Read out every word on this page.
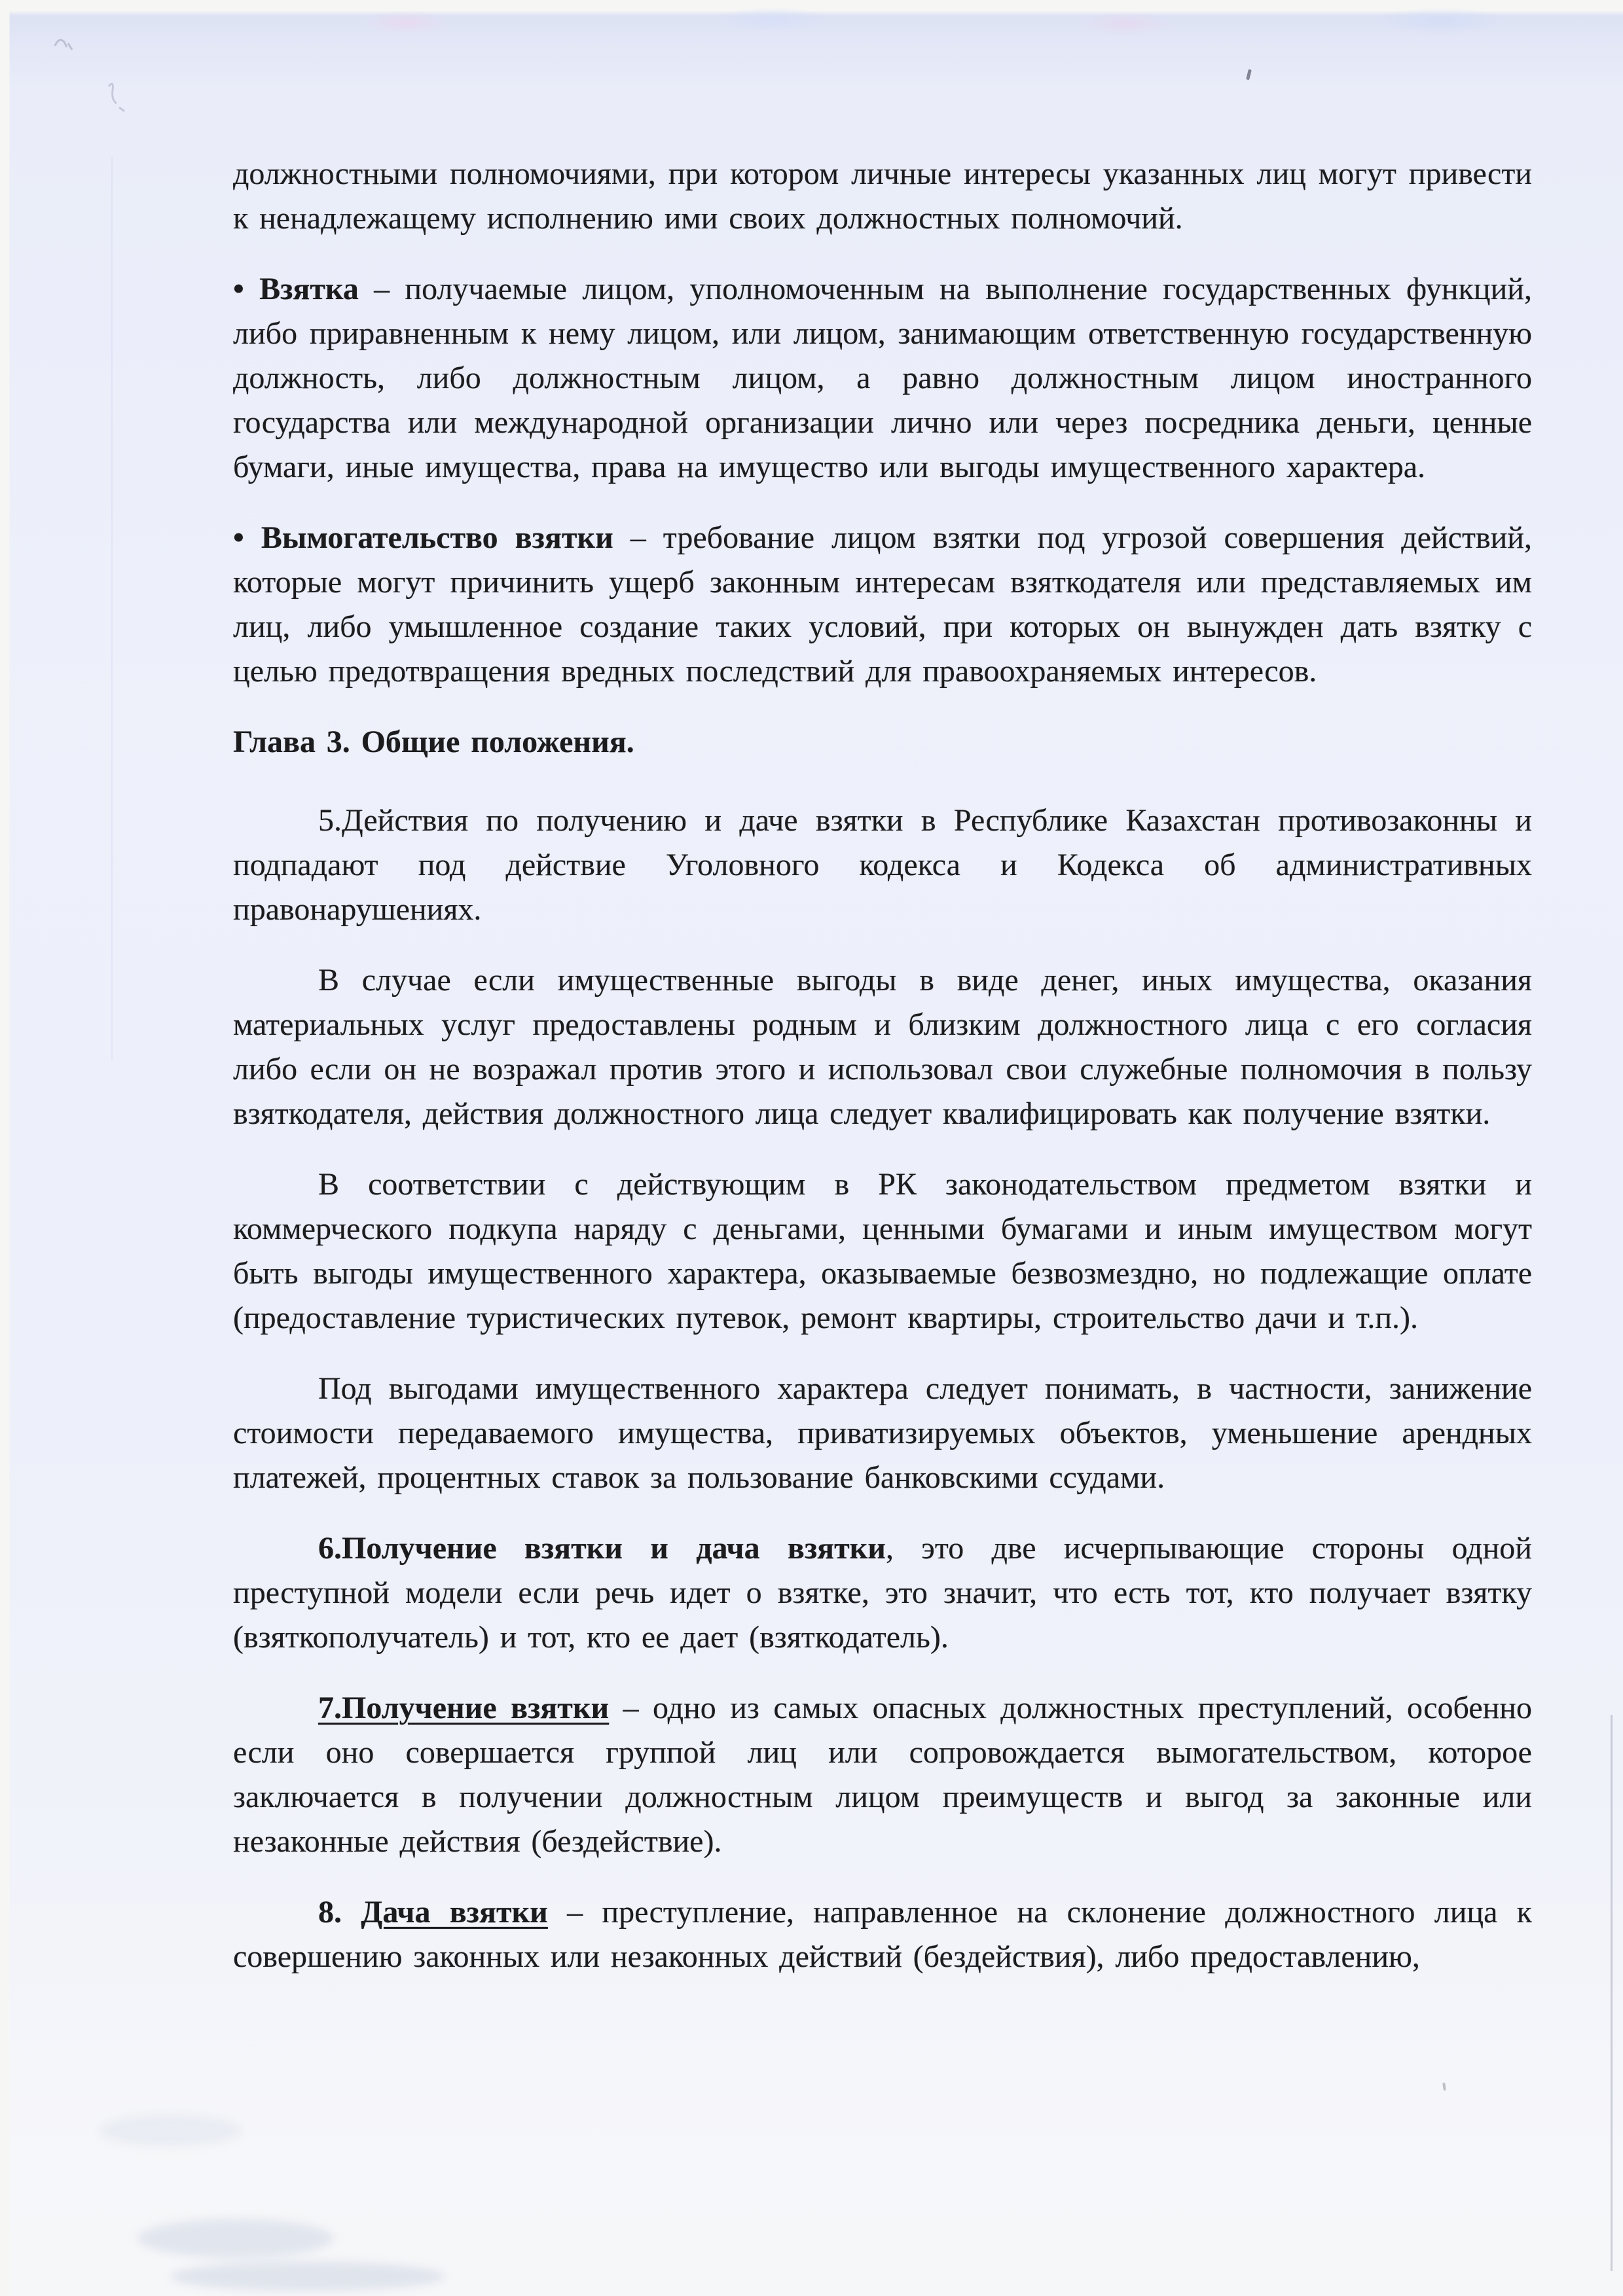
должностными полномочиями, при котором личные интересы указанных лиц могут привести к ненадлежащему исполнению ими своих должностных полномочий.

• Взятка – получаемые лицом, уполномоченным на выполнение государственных функций, либо приравненным к нему лицом, или лицом, занимающим ответственную государственную должность, либо должностным лицом, а равно должностным лицом иностранного государства или международной организации лично или через посредника деньги, ценные бумаги, иные имущества, права на имущество или выгоды имущественного характера.

• Вымогательство взятки – требование лицом взятки под угрозой совершения действий, которые могут причинить ущерб законным интересам взяткодателя или представляемых им лиц, либо умышленное создание таких условий, при которых он вынужден дать взятку с целью предотвращения вредных последствий для правоохраняемых интересов.

Глава 3. Общие положения.

5.Действия по получению и даче взятки в Республике Казахстан противозаконны и подпадают под действие Уголовного кодекса и Кодекса об административных правонарушениях.

В случае если имущественные выгоды в виде денег, иных имущества, оказания материальных услуг предоставлены родным и близким должностного лица с его согласия либо если он не возражал против этого и использовал свои служебные полномочия в пользу взяткодателя, действия должностного лица следует квалифицировать как получение взятки.

В соответствии с действующим в РК законодательством предметом взятки и коммерческого подкупа наряду с деньгами, ценными бумагами и иным имуществом могут быть выгоды имущественного характера, оказываемые безвозмездно, но подлежащие оплате (предоставление туристических путевок, ремонт квартиры, строительство дачи и т.п.).

Под выгодами имущественного характера следует понимать, в частности, занижение стоимости передаваемого имущества, приватизируемых объектов, уменьшение арендных платежей, процентных ставок за пользование банковскими ссудами.

6.Получение взятки и дача взятки, это две исчерпывающие стороны одной преступной модели если речь идет о взятке, это значит, что есть тот, кто получает взятку (взяткополучатель) и тот, кто ее дает (взяткодатель).

7.Получение взятки – одно из самых опасных должностных преступлений, особенно если оно совершается группой лиц или сопровождается вымогательством, которое заключается в получении должностным лицом преимуществ и выгод за законные или незаконные действия (бездействие).

8. Дача взятки – преступление, направленное на склонение должностного лица к совершению законных или незаконных действий (бездействия), либо предоставлению,
